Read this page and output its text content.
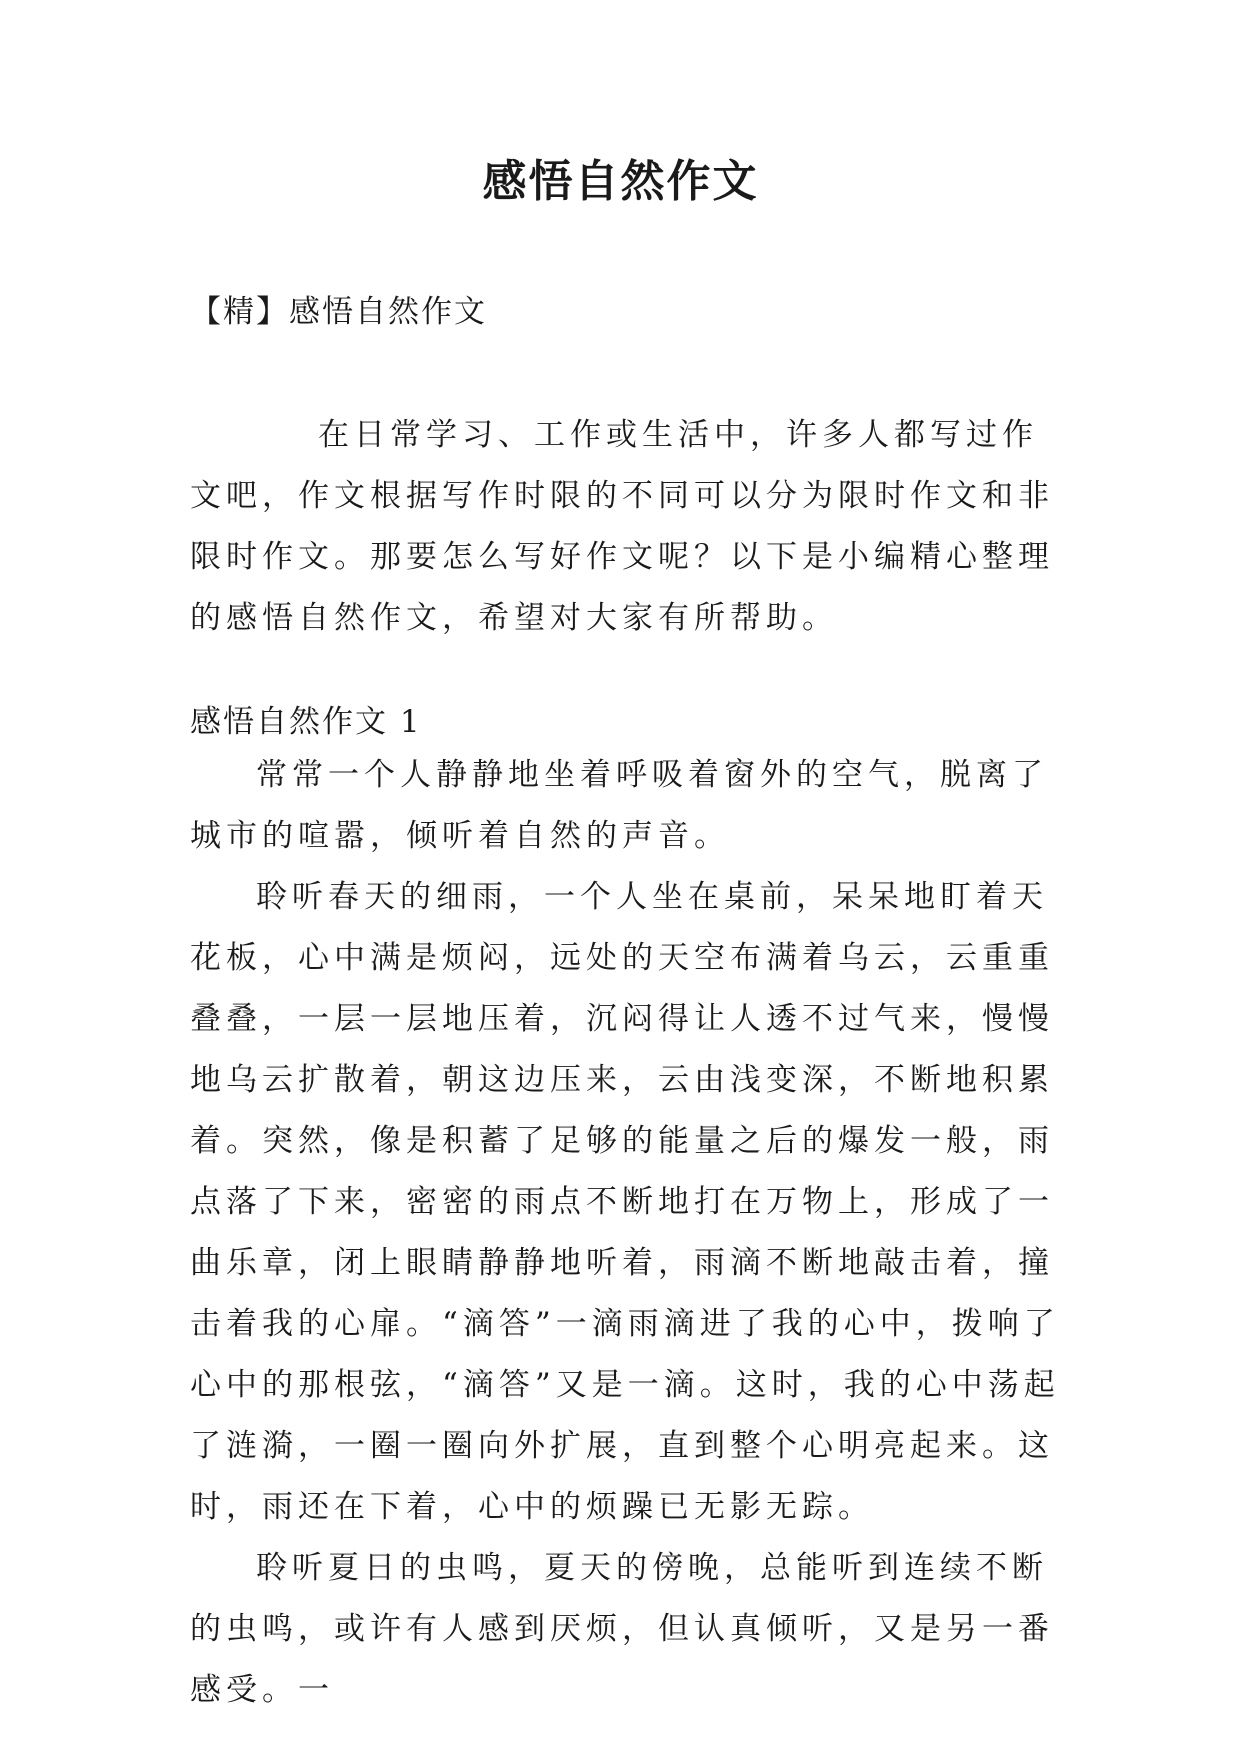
感悟自然作文

【精】感悟自然作文

在日常学习、工作或生活中，许多人都写过作文吧，作文根据写作时限的不同可以分为限时作文和非限时作文。那要怎么写好作文呢？以下是小编精心整理的感悟自然作文，希望对大家有所帮助。

感悟自然作文 1

常常一个人静静地坐着呼吸着窗外的空气，脱离了城市的喧嚣，倾听着自然的声音。

聆听春天的细雨，一个人坐在桌前，呆呆地盯着天花板，心中满是烦闷，远处的天空布满着乌云，云重重叠叠，一层一层地压着，沉闷得让人透不过气来，慢慢地乌云扩散着，朝这边压来，云由浅变深，不断地积累着。突然，像是积蓄了足够的能量之后的爆发一般，雨点落了下来，密密的雨点不断地打在万物上，形成了一曲乐章，闭上眼睛静静地听着，雨滴不断地敲击着，撞击着我的心扉。“滴答”一滴雨滴进了我的心中，拨响了心中的那根弦，“滴答”又是一滴。这时，我的心中荡起了涟漪，一圈一圈向外扩展，直到整个心明亮起来。这时，雨还在下着，心中的烦躁已无影无踪。

聆听夏日的虫鸣，夏天的傍晚，总能听到连续不断的虫鸣，或许有人感到厌烦，但认真倾听，又是另一番感受。一
